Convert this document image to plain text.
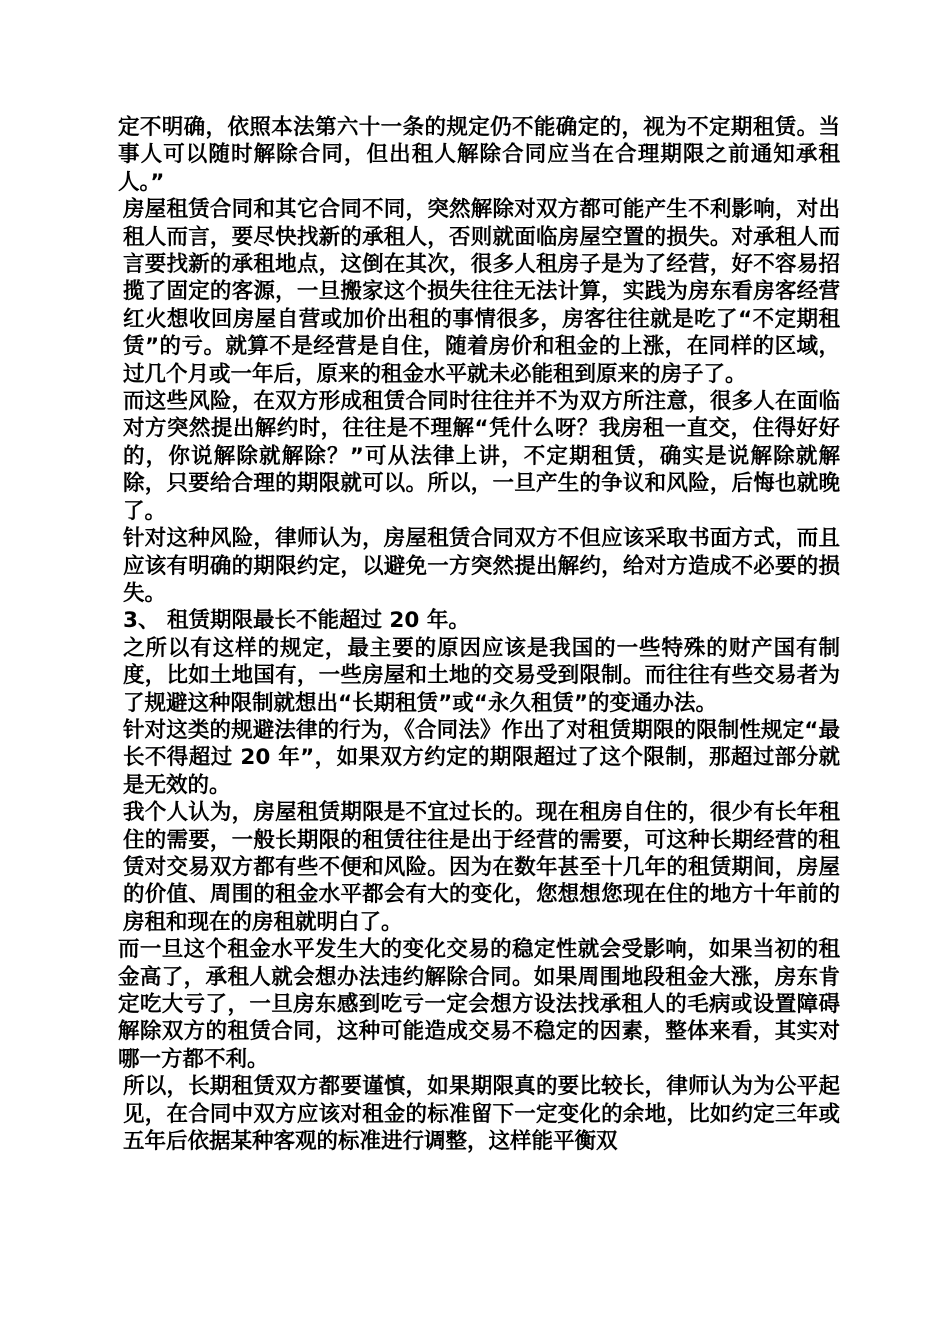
定不明确，依照本法第六十一条的规定仍不能确定的，视为不定期租赁。当事人可以随时解除合同，但出租人解除合同应当在合理期限之前通知承租人。”

房屋租赁合同和其它合同不同，突然解除对双方都可能产生不利影响，对出租人而言，要尽快找新的承租人，否则就面临房屋空置的损失。对承租人而言要找新的承租地点，这倒在其次，很多人租房子是为了经营，好不容易招揽了固定的客源，一旦搬家这个损失往往无法计算，实践为房东看房客经营红火想收回房屋自营或加价出租的事情很多，房客往往就是吃了“不定期租赁”的亏。就算不是经营是自住，随着房价和租金的上涨，在同样的区域，过几个月或一年后，原来的租金水平就未必能租到原来的房子了。

而这些风险，在双方形成租赁合同时往往并不为双方所注意，很多人在面临对方突然提出解约时，往往是不理解“凭什么呀？我房租一直交，住得好好的，你说解除就解除？”可从法律上讲，不定期租赁，确实是说解除就解除，只要给合理的期限就可以。所以，一旦产生的争议和风险，后悔也就晚了。

针对这种风险，律师认为，房屋租赁合同双方不但应该采取书面方式，而且应该有明确的期限约定，以避免一方突然提出解约，给对方造成不必要的损失。

3、 租赁期限最长不能超过 20 年。

之所以有这样的规定，最主要的原因应该是我国的一些特殊的财产国有制度，比如土地国有，一些房屋和土地的交易受到限制。而往往有些交易者为了规避这种限制就想出“长期租赁”或“永久租赁”的变通办法。

针对这类的规避法律的行为，《合同法》作出了对租赁期限的限制性规定“最长不得超过 20 年”，如果双方约定的期限超过了这个限制，那超过部分就是无效的。

我个人认为，房屋租赁期限是不宜过长的。现在租房自住的，很少有长年租住的需要，一般长期限的租赁往往是出于经营的需要，可这种长期经营的租赁对交易双方都有些不便和风险。因为在数年甚至十几年的租赁期间，房屋的价值、周围的租金水平都会有大的变化，您想想您现在住的地方十年前的房租和现在的房租就明白了。

而一旦这个租金水平发生大的变化交易的稳定性就会受影响，如果当初的租金高了，承租人就会想办法违约解除合同。如果周围地段租金大涨，房东肯定吃大亏了，一旦房东感到吃亏一定会想方设法找承租人的毛病或设置障碍解除双方的租赁合同，这种可能造成交易不稳定的因素，整体来看，其实对哪一方都不利。

所以，长期租赁双方都要谨慎，如果期限真的要比较长，律师认为为公平起见，在合同中双方应该对租金的标准留下一定变化的余地，比如约定三年或五年后依据某种客观的标准进行调整，这样能平衡双
